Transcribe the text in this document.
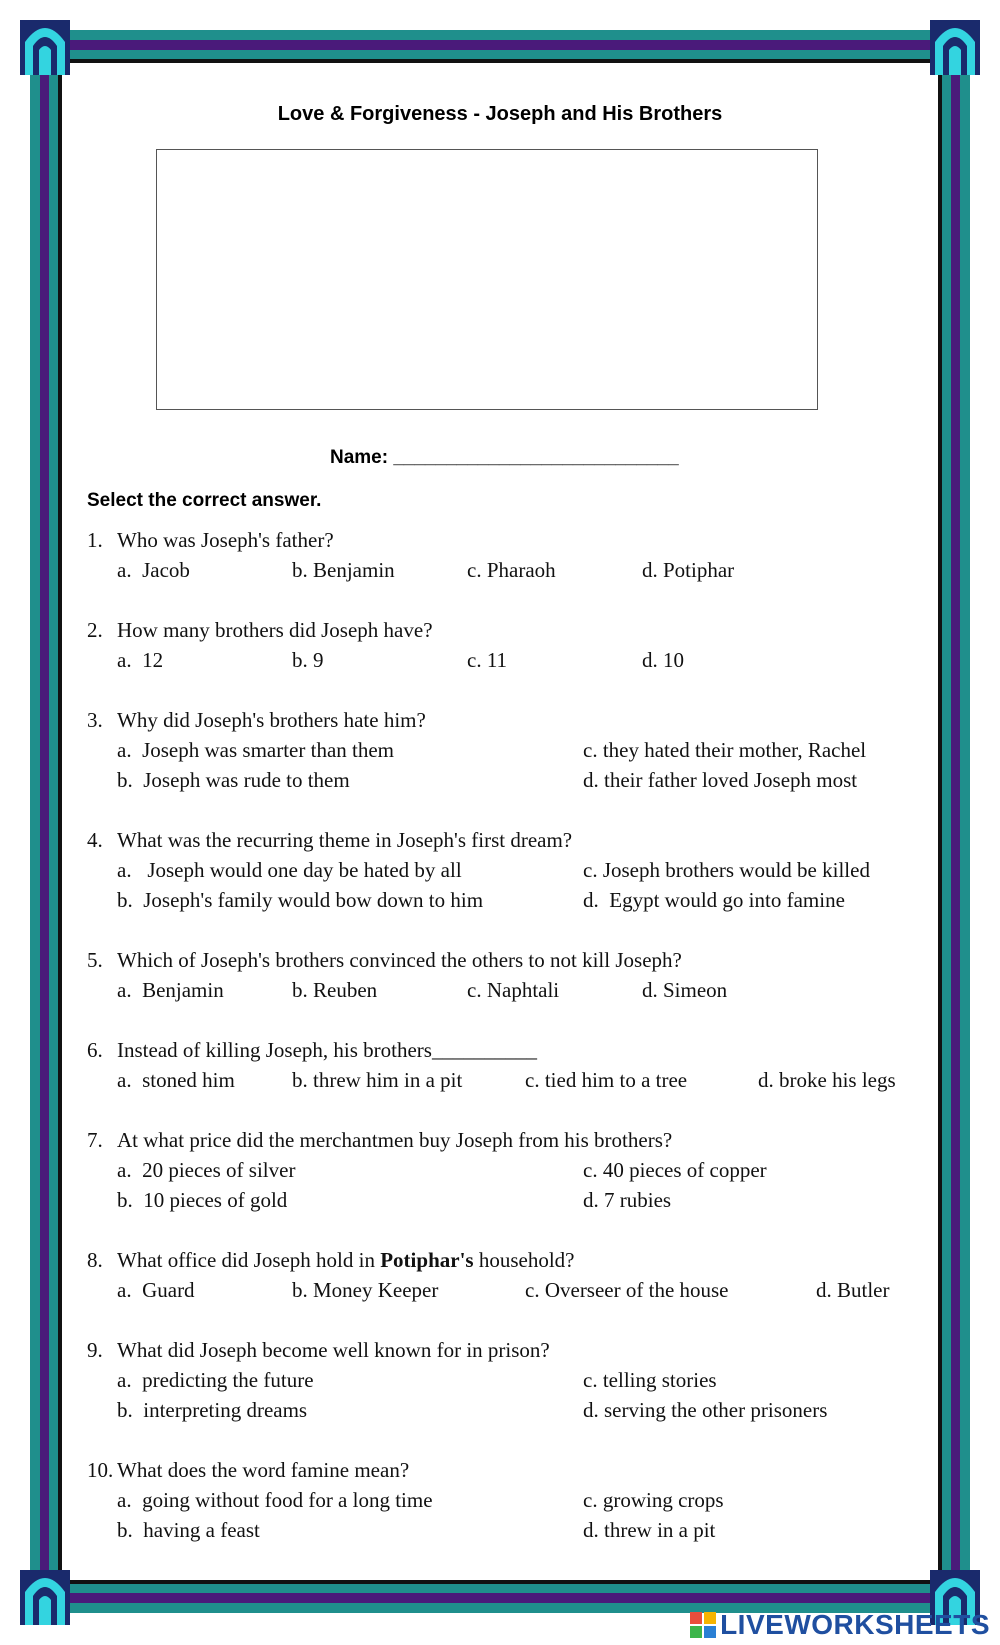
Love & Forgiveness - Joseph and His Brothers
Name: ___________________________
Select the correct answer.
1. Who was Joseph's father?
a. Jacob	b. Benjamin	c. Pharaoh	d. Potiphar
2. How many brothers did Joseph have?
a. 12	b. 9	c. 11	d. 10
3. Why did Joseph's brothers hate him?
a. Joseph was smarter than them	c. they hated their mother, Rachel
b. Joseph was rude to them	d. their father loved Joseph most
4. What was the recurring theme in Joseph's first dream?
a. Joseph would one day be hated by all	c. Joseph brothers would be killed
b. Joseph's family would bow down to him	d. Egypt would go into famine
5. Which of Joseph's brothers convinced the others to not kill Joseph?
a. Benjamin	b. Reuben	c. Naphtali	d. Simeon
6. Instead of killing Joseph, his brothers__________
a. stoned him	b. threw him in a pit	c. tied him to a tree	d. broke his legs
7. At what price did the merchantmen buy Joseph from his brothers?
a. 20 pieces of silver	c. 40 pieces of copper
b. 10 pieces of gold	d. 7 rubies
8. What office did Joseph hold in Potiphar's household?
a. Guard	b. Money Keeper	c. Overseer of the house	d. Butler
9. What did Joseph become well known for in prison?
a. predicting the future	c. telling stories
b. interpreting dreams	d. serving the other prisoners
10. What does the word famine mean?
a. going without food for a long time	c. growing crops
b. having a feast	d. threw in a pit
LIVEWORKSHEETS
